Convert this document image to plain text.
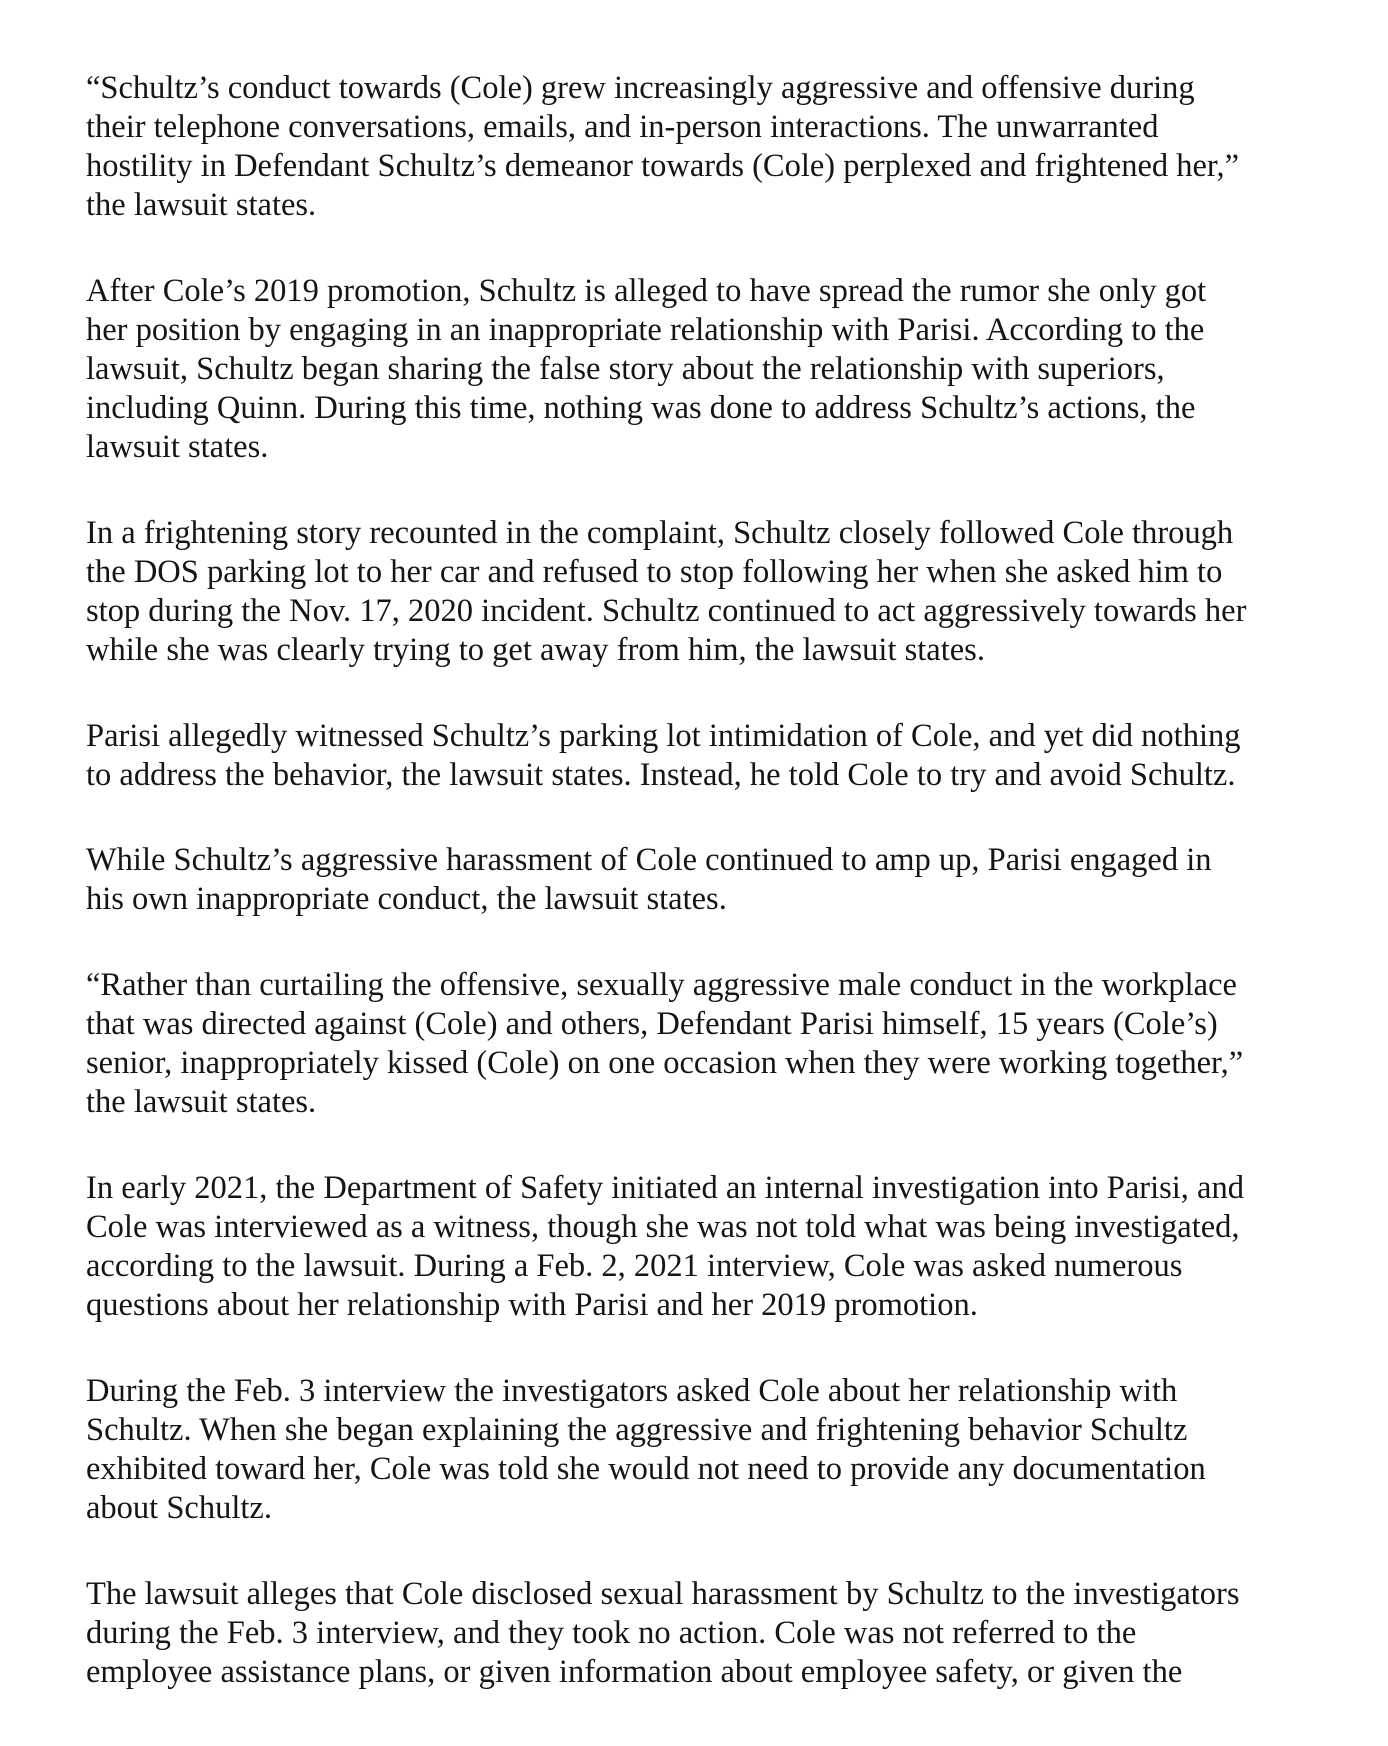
“Schultz’s conduct towards (Cole) grew increasingly aggressive and offensive during
their telephone conversations, emails, and in-person interactions. The unwarranted
hostility in Defendant Schultz’s demeanor towards (Cole) perplexed and frightened her,”
the lawsuit states.

After Cole’s 2019 promotion, Schultz is alleged to have spread the rumor she only got
her position by engaging in an inappropriate relationship with Parisi. According to the
lawsuit, Schultz began sharing the false story about the relationship with superiors,
including Quinn. During this time, nothing was done to address Schultz’s actions, the
lawsuit states.

In a frightening story recounted in the complaint, Schultz closely followed Cole through
the DOS parking lot to her car and refused to stop following her when she asked him to
stop during the Nov. 17, 2020 incident. Schultz continued to act aggressively towards her
while she was clearly trying to get away from him, the lawsuit states.

Parisi allegedly witnessed Schultz’s parking lot intimidation of Cole, and yet did nothing
to address the behavior, the lawsuit states. Instead, he told Cole to try and avoid Schultz.

While Schultz’s aggressive harassment of Cole continued to amp up, Parisi engaged in
his own inappropriate conduct, the lawsuit states.

“Rather than curtailing the offensive, sexually aggressive male conduct in the workplace
that was directed against (Cole) and others, Defendant Parisi himself, 15 years (Cole’s)
senior, inappropriately kissed (Cole) on one occasion when they were working together,”
the lawsuit states.

In early 2021, the Department of Safety initiated an internal investigation into Parisi, and
Cole was interviewed as a witness, though she was not told what was being investigated,
according to the lawsuit. During a Feb. 2, 2021 interview, Cole was asked numerous
questions about her relationship with Parisi and her 2019 promotion.

During the Feb. 3 interview the investigators asked Cole about her relationship with
Schultz. When she began explaining the aggressive and frightening behavior Schultz
exhibited toward her, Cole was told she would not need to provide any documentation
about Schultz.

The lawsuit alleges that Cole disclosed sexual harassment by Schultz to the investigators
during the Feb. 3 interview, and they took no action. Cole was not referred to the
employee assistance plans, or given information about employee safety, or given the
